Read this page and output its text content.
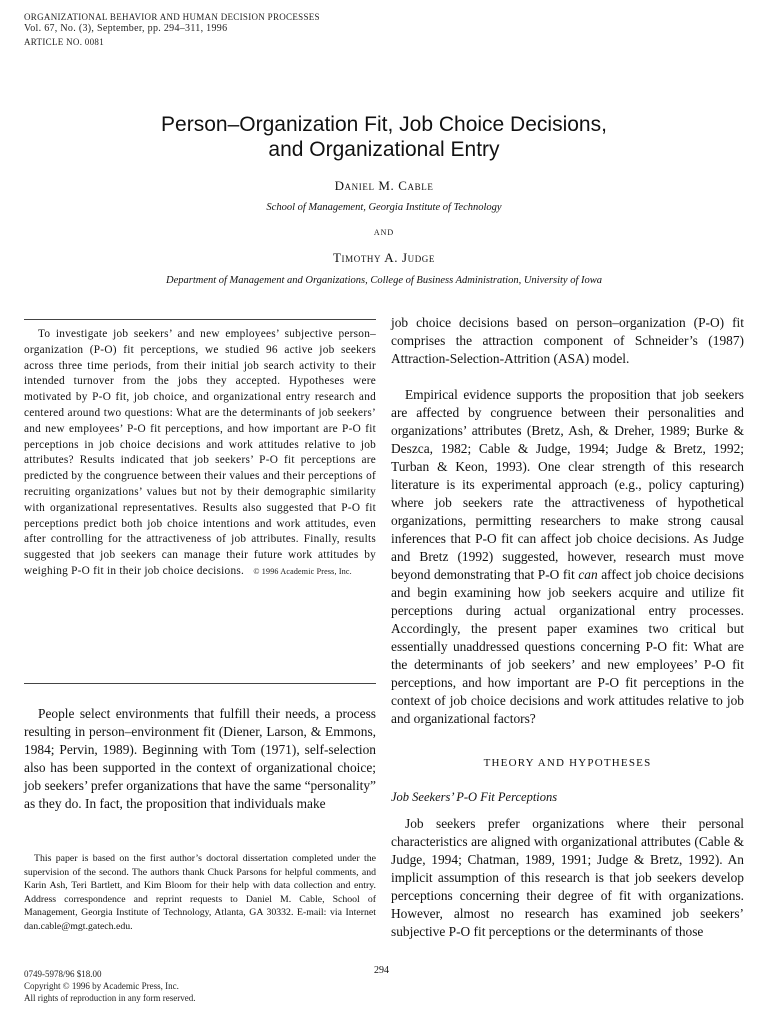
ORGANIZATIONAL BEHAVIOR AND HUMAN DECISION PROCESSES
Vol. 67, No. (3), September, pp. 294–311, 1996
ARTICLE NO. 0081
Person–Organization Fit, Job Choice Decisions,
and Organizational Entry
Daniel M. Cable
School of Management, Georgia Institute of Technology
and
Timothy A. Judge
Department of Management and Organizations, College of Business Administration, University of Iowa

To investigate job seekers’ and new employees’ subjective person–organization (P-O) fit perceptions, we studied 96 active job seekers across three time periods, from their initial job search activity to their intended turnover from the jobs they accepted. Hypotheses were motivated by P-O fit, job choice, and organizational entry research and centered around two questions: What are the determinants of job seekers’ and new employees’ P-O fit perceptions, and how important are P-O fit perceptions in job choice decisions and work attitudes relative to job attributes? Results indicated that job seekers’ P-O fit perceptions are predicted by the congruence between their values and their perceptions of recruiting organizations’ values but not by their demographic similarity with organizational representatives. Results also suggested that P-O fit perceptions predict both job choice intentions and work attitudes, even after controlling for the attractiveness of job attributes. Finally, results suggested that job seekers can manage their future work attitudes by weighing P-O fit in their job choice decisions. © 1996 Academic Press, Inc.

People select environments that fulfill their needs, a process resulting in person–environment fit (Diener, Larson, & Emmons, 1984; Pervin, 1989). Beginning with Tom (1971), self-selection also has been supported in the context of organizational choice; job seekers’ prefer organizations that have the same “personality” as they do. In fact, the proposition that individuals make

This paper is based on the first author’s doctoral dissertation completed under the supervision of the second. The authors thank Chuck Parsons for helpful comments, and Karin Ash, Teri Bartlett, and Kim Bloom for their help with data collection and entry. Address correspondence and reprint requests to Daniel M. Cable, School of Management, Georgia Institute of Technology, Atlanta, GA 30332. E-mail: via Internet dan.cable@mgt.gatech.edu.

job choice decisions based on person–organization (P-O) fit comprises the attraction component of Schneider’s (1987) Attraction-Selection-Attrition (ASA) model.

Empirical evidence supports the proposition that job seekers are affected by congruence between their personalities and organizations’ attributes (Bretz, Ash, & Dreher, 1989; Burke & Deszca, 1982; Cable & Judge, 1994; Judge & Bretz, 1992; Turban & Keon, 1993). One clear strength of this research literature is its experimental approach (e.g., policy capturing) where job seekers rate the attractiveness of hypothetical organizations, permitting researchers to make strong causal inferences that P-O fit can affect job choice decisions. As Judge and Bretz (1992) suggested, however, research must move beyond demonstrating that P-O fit can affect job choice decisions and begin examining how job seekers acquire and utilize fit perceptions during actual organizational entry processes. Accordingly, the present paper examines two critical but essentially unaddressed questions concerning P-O fit: What are the determinants of job seekers’ and new employees’ P-O fit perceptions, and how important are P-O fit perceptions in the context of job choice decisions and work attitudes relative to job and organizational factors?

THEORY AND HYPOTHESES
Job Seekers’ P-O Fit Perceptions

Job seekers prefer organizations where their personal characteristics are aligned with organizational attributes (Cable & Judge, 1994; Chatman, 1989, 1991; Judge & Bretz, 1992). An implicit assumption of this research is that job seekers develop perceptions concerning their degree of fit with organizations. However, almost no research has examined job seekers’ subjective P-O fit perceptions or the determinants of those

294
0749-5978/96 $18.00
Copyright © 1996 by Academic Press, Inc.
All rights of reproduction in any form reserved.
